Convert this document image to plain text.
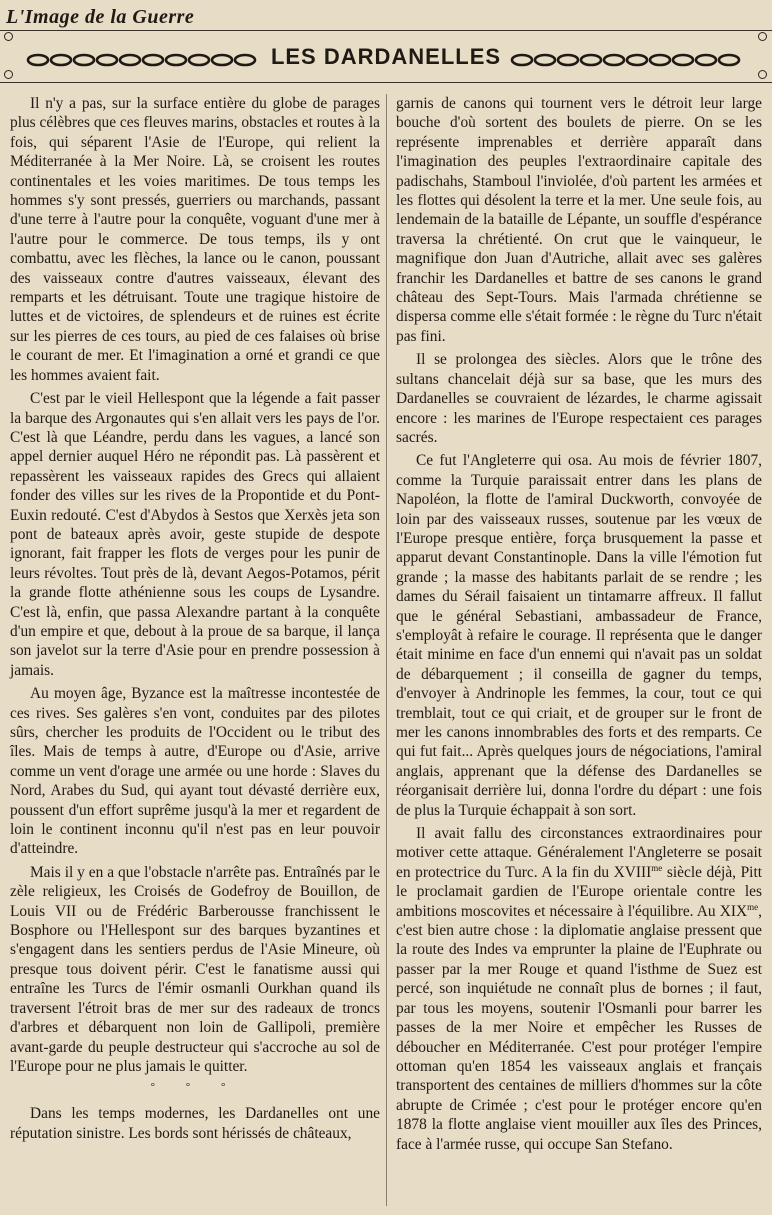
L'Image de la Guerre
LES DARDANELLES

Il n'y a pas, sur la surface entière du globe de parages plus célèbres que ces fleuves marins, obstacles et routes à la fois, qui séparent l'Asie de l'Europe, qui relient la Méditerranée à la Mer Noire. Là, se croisent les routes continentales et les voies maritimes. De tous temps les hommes s'y sont pressés, guerriers ou marchands, passant d'une terre à l'autre pour la conquête, voguant d'une mer à l'autre pour le commerce. De tous temps, ils y ont combattu, avec les flèches, la lance ou le canon, poussant des vaisseaux contre d'autres vaisseaux, élevant des remparts et les détruisant. Toute une tragique histoire de luttes et de victoires, de splendeurs et de ruines est écrite sur les pierres de ces tours, au pied de ces falaises où brise le courant de mer. Et l'imagination a orné et grandi ce que les hommes avaient fait.

C'est par le vieil Hellespont que la légende a fait passer la barque des Argonautes qui s'en allait vers les pays de l'or. C'est là que Léandre, perdu dans les vagues, a lancé son appel dernier auquel Héro ne répondit pas. Là passèrent et repassèrent les vaisseaux rapides des Grecs qui allaient fonder des villes sur les rives de la Propontide et du Pont-Euxin redouté. C'est d'Abydos à Sestos que Xerxès jeta son pont de bateaux après avoir, geste stupide de despote ignorant, fait frapper les flots de verges pour les punir de leurs révoltes. Tout près de là, devant Aegos-Potamos, périt la grande flotte athénienne sous les coups de Lysandre. C'est là, enfin, que passa Alexandre partant à la conquête d'un empire et que, debout à la proue de sa barque, il lança son javelot sur la terre d'Asie pour en prendre possession à jamais.

Au moyen âge, Byzance est la maîtresse incontestée de ces rives. Ses galères s'en vont, conduites par des pilotes sûrs, chercher les produits de l'Occident ou le tribut des îles. Mais de temps à autre, d'Europe ou d'Asie, arrive comme un vent d'orage une armée ou une horde : Slaves du Nord, Arabes du Sud, qui ayant tout dévasté derrière eux, poussent d'un effort suprême jusqu'à la mer et regardent de loin le continent inconnu qu'il n'est pas en leur pouvoir d'atteindre.

Mais il y en a que l'obstacle n'arrête pas. Entraînés par le zèle religieux, les Croisés de Godefroy de Bouillon, de Louis VII ou de Frédéric Barberousse franchissent le Bosphore ou l'Hellespont sur des barques byzantines et s'engagent dans les sentiers perdus de l'Asie Mineure, où presque tous doivent périr. C'est le fanatisme aussi qui entraîne les Turcs de l'émir osmanli Ourkhan quand ils traversent l'étroit bras de mer sur des radeaux de troncs d'arbres et débarquent non loin de Gallipoli, première avant-garde du peuple destructeur qui s'accroche au sol de l'Europe pour ne plus jamais le quitter.

° ° °

Dans les temps modernes, les Dardanelles ont une réputation sinistre. Les bords sont hérissés de châteaux,

garnis de canons qui tournent vers le détroit leur large bouche d'où sortent des boulets de pierre. On se les représente imprenables et derrière apparaît dans l'imagination des peuples l'extraordinaire capitale des padischahs, Stamboul l'inviolée, d'où partent les armées et les flottes qui désolent la terre et la mer. Une seule fois, au lendemain de la bataille de Lépante, un souffle d'espérance traversa la chrétienté. On crut que le vainqueur, le magnifique don Juan d'Autriche, allait avec ses galères franchir les Dardanelles et battre de ses canons le grand château des Sept-Tours. Mais l'armada chrétienne se dispersa comme elle s'était formée : le règne du Turc n'était pas fini.

Il se prolongea des siècles. Alors que le trône des sultans chancelait déjà sur sa base, que les murs des Dardanelles se couvraient de lézardes, le charme agissait encore : les marines de l'Europe respectaient ces parages sacrés.

Ce fut l'Angleterre qui osa. Au mois de février 1807, comme la Turquie paraissait entrer dans les plans de Napoléon, la flotte de l'amiral Duckworth, convoyée de loin par des vaisseaux russes, soutenue par les vœux de l'Europe presque entière, força brusquement la passe et apparut devant Constantinople. Dans la ville l'émotion fut grande ; la masse des habitants parlait de se rendre ; les dames du Sérail faisaient un tintamarre affreux. Il fallut que le général Sebastiani, ambassadeur de France, s'employât à refaire le courage. Il représenta que le danger était minime en face d'un ennemi qui n'avait pas un soldat de débarquement ; il conseilla de gagner du temps, d'envoyer à Andrinople les femmes, la cour, tout ce qui tremblait, tout ce qui criait, et de grouper sur le front de mer les canons innombrables des forts et des remparts. Ce qui fut fait... Après quelques jours de négociations, l'amiral anglais, apprenant que la défense des Dardanelles se réorganisait derrière lui, donna l'ordre du départ : une fois de plus la Turquie échappait à son sort.

Il avait fallu des circonstances extraordinaires pour motiver cette attaque. Généralement l'Angleterre se posait en protectrice du Turc. A la fin du $XVIII^{me}$ siècle déjà, Pitt le proclamait gardien de l'Europe orientale contre les ambitions moscovites et nécessaire à l'équilibre. Au $XIX^{me}$, c'est bien autre chose : la diplomatie anglaise pressent que la route des Indes va emprunter la plaine de l'Euphrate ou passer par la mer Rouge et quand l'isthme de Suez est percé, son inquiétude ne connaît plus de bornes ; il faut, par tous les moyens, soutenir l'Osmanli pour barrer les passes de la mer Noire et empêcher les Russes de déboucher en Méditerranée. C'est pour protéger l'empire ottoman qu'en 1854 les vaisseaux anglais et français transportent des centaines de milliers d'hommes sur la côte abrupte de Crimée ; c'est pour le protéger encore qu'en 1878 la flotte anglaise vient mouiller aux îles des Princes, face à l'armée russe, qui occupe San Stefano.
